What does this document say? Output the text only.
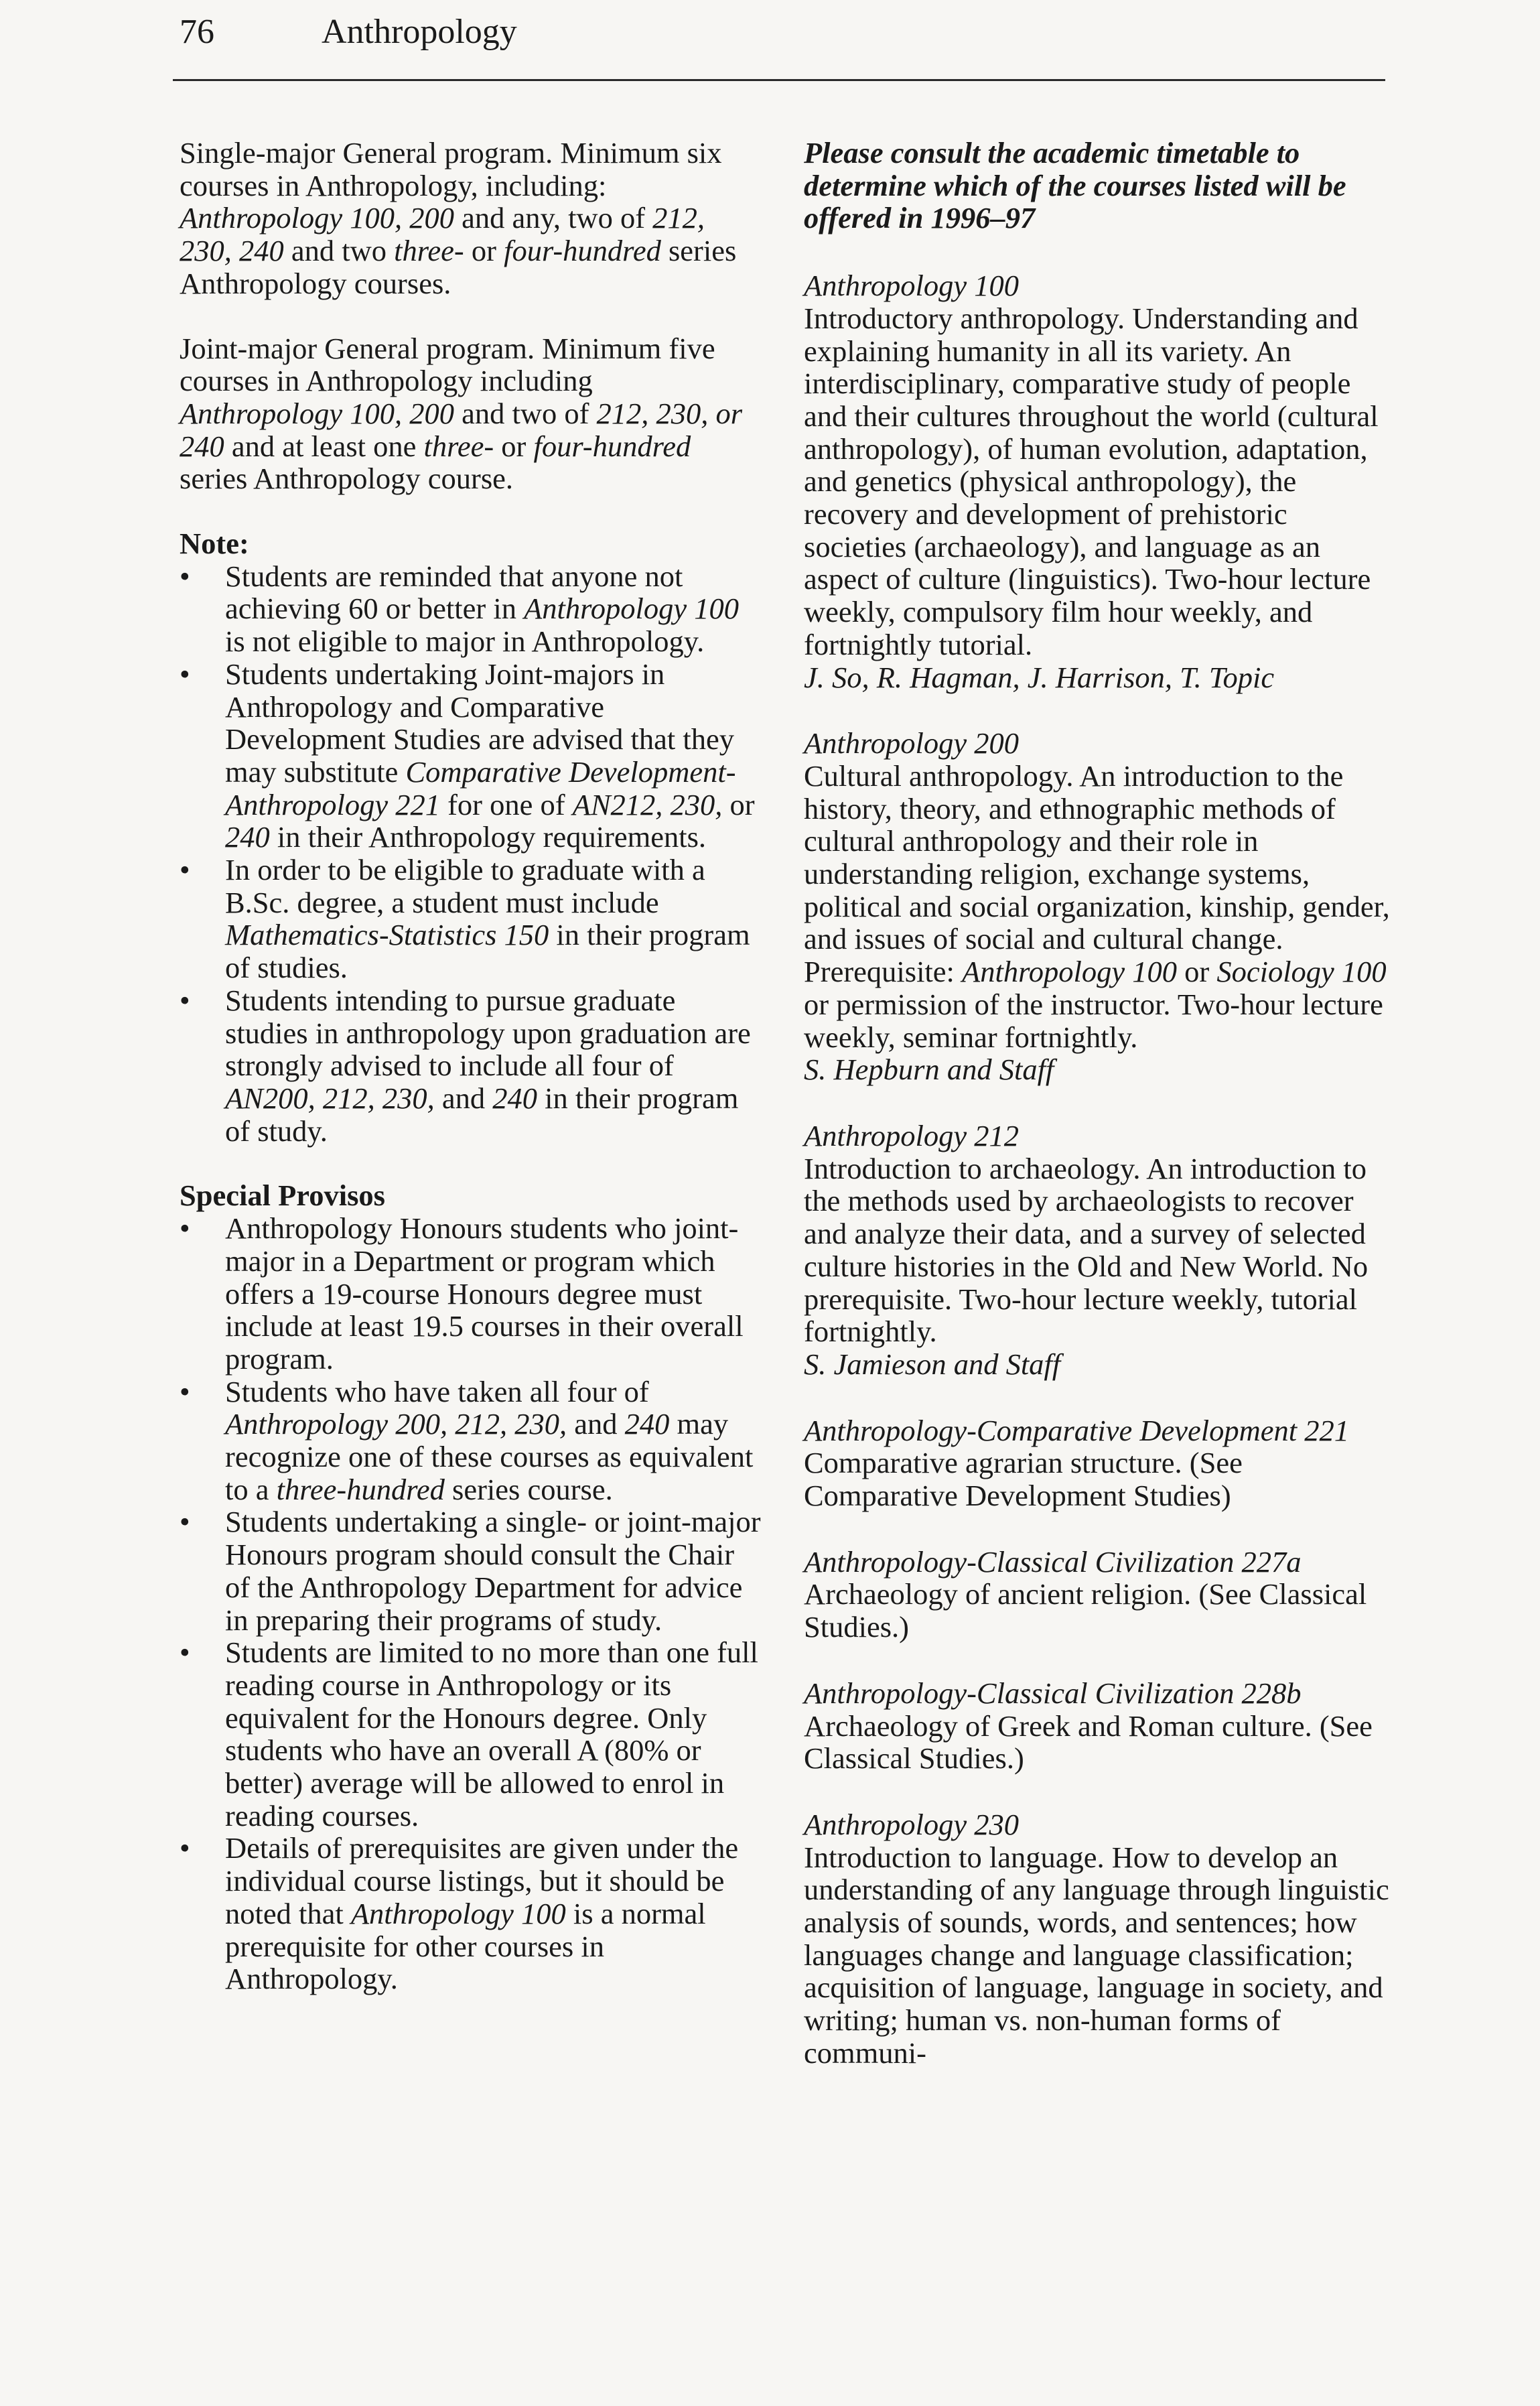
76	Anthropology

Single-major General program. Minimum six courses in Anthropology, including: Anthropology 100, 200 and any, two of 212, 230, 240 and two three- or four-hundred series Anthropology courses.

Joint-major General program. Minimum five courses in Anthropology including Anthropology 100, 200 and two of 212, 230, or 240 and at least one three- or four-hundred series Anthropology course.

Note:
• Students are reminded that anyone not achieving 60 or better in Anthropology 100 is not eligible to major in Anthropology.
• Students undertaking Joint-majors in Anthropology and Comparative Development Studies are advised that they may substitute Comparative Development-Anthropology 221 for one of AN212, 230, or 240 in their Anthropology requirements.
• In order to be eligible to graduate with a B.Sc. degree, a student must include Mathematics-Statistics 150 in their program of studies.
• Students intending to pursue graduate studies in anthropology upon graduation are strongly advised to include all four of AN200, 212, 230, and 240 in their program of study.
Special Provisos
• Anthropology Honours students who joint-major in a Department or program which offers a 19-course Honours degree must include at least 19.5 courses in their overall program.
• Students who have taken all four of Anthropology 200, 212, 230, and 240 may recognize one of these courses as equivalent to a three-hundred series course.
• Students undertaking a single- or joint-major Honours program should consult the Chair of the Anthropology Department for advice in preparing their programs of study.
• Students are limited to no more than one full reading course in Anthropology or its equivalent for the Honours degree. Only students who have an overall A (80% or better) average will be allowed to enrol in reading courses.
• Details of prerequisites are given under the individual course listings, but it should be noted that Anthropology 100 is a normal prerequisite for other courses in Anthropology.

Please consult the academic timetable to determine which of the courses listed will be offered in 1996–97

Anthropology 100
Introductory anthropology. Understanding and explaining humanity in all its variety. An interdisciplinary, comparative study of people and their cultures throughout the world (cultural anthropology), of human evolution, adaptation, and genetics (physical anthropology), the recovery and development of prehistoric societies (archaeology), and language as an aspect of culture (linguistics). Two-hour lecture weekly, compulsory film hour weekly, and fortnightly tutorial.
J. So, R. Hagman, J. Harrison, T. Topic
Anthropology 200
Cultural anthropology. An introduction to the history, theory, and ethnographic methods of cultural anthropology and their role in understanding religion, exchange systems, political and social organization, kinship, gender, and issues of social and cultural change. Prerequisite: Anthropology 100 or Sociology 100 or permission of the instructor. Two-hour lecture weekly, seminar fortnightly.
S. Hepburn and Staff
Anthropology 212
Introduction to archaeology. An introduction to the methods used by archaeologists to recover and analyze their data, and a survey of selected culture histories in the Old and New World. No prerequisite. Two-hour lecture weekly, tutorial fortnightly.
S. Jamieson and Staff
Anthropology-Comparative Development 221
Comparative agrarian structure. (See Comparative Development Studies)
Anthropology-Classical Civilization 227a
Archaeology of ancient religion. (See Classical Studies.)
Anthropology-Classical Civilization 228b
Archaeology of Greek and Roman culture. (See Classical Studies.)
Anthropology 230
Introduction to language. How to develop an understanding of any language through linguistic analysis of sounds, words, and sentences; how languages change and language classification; acquisition of language, language in society, and writing; human vs. non-human forms of communi-
